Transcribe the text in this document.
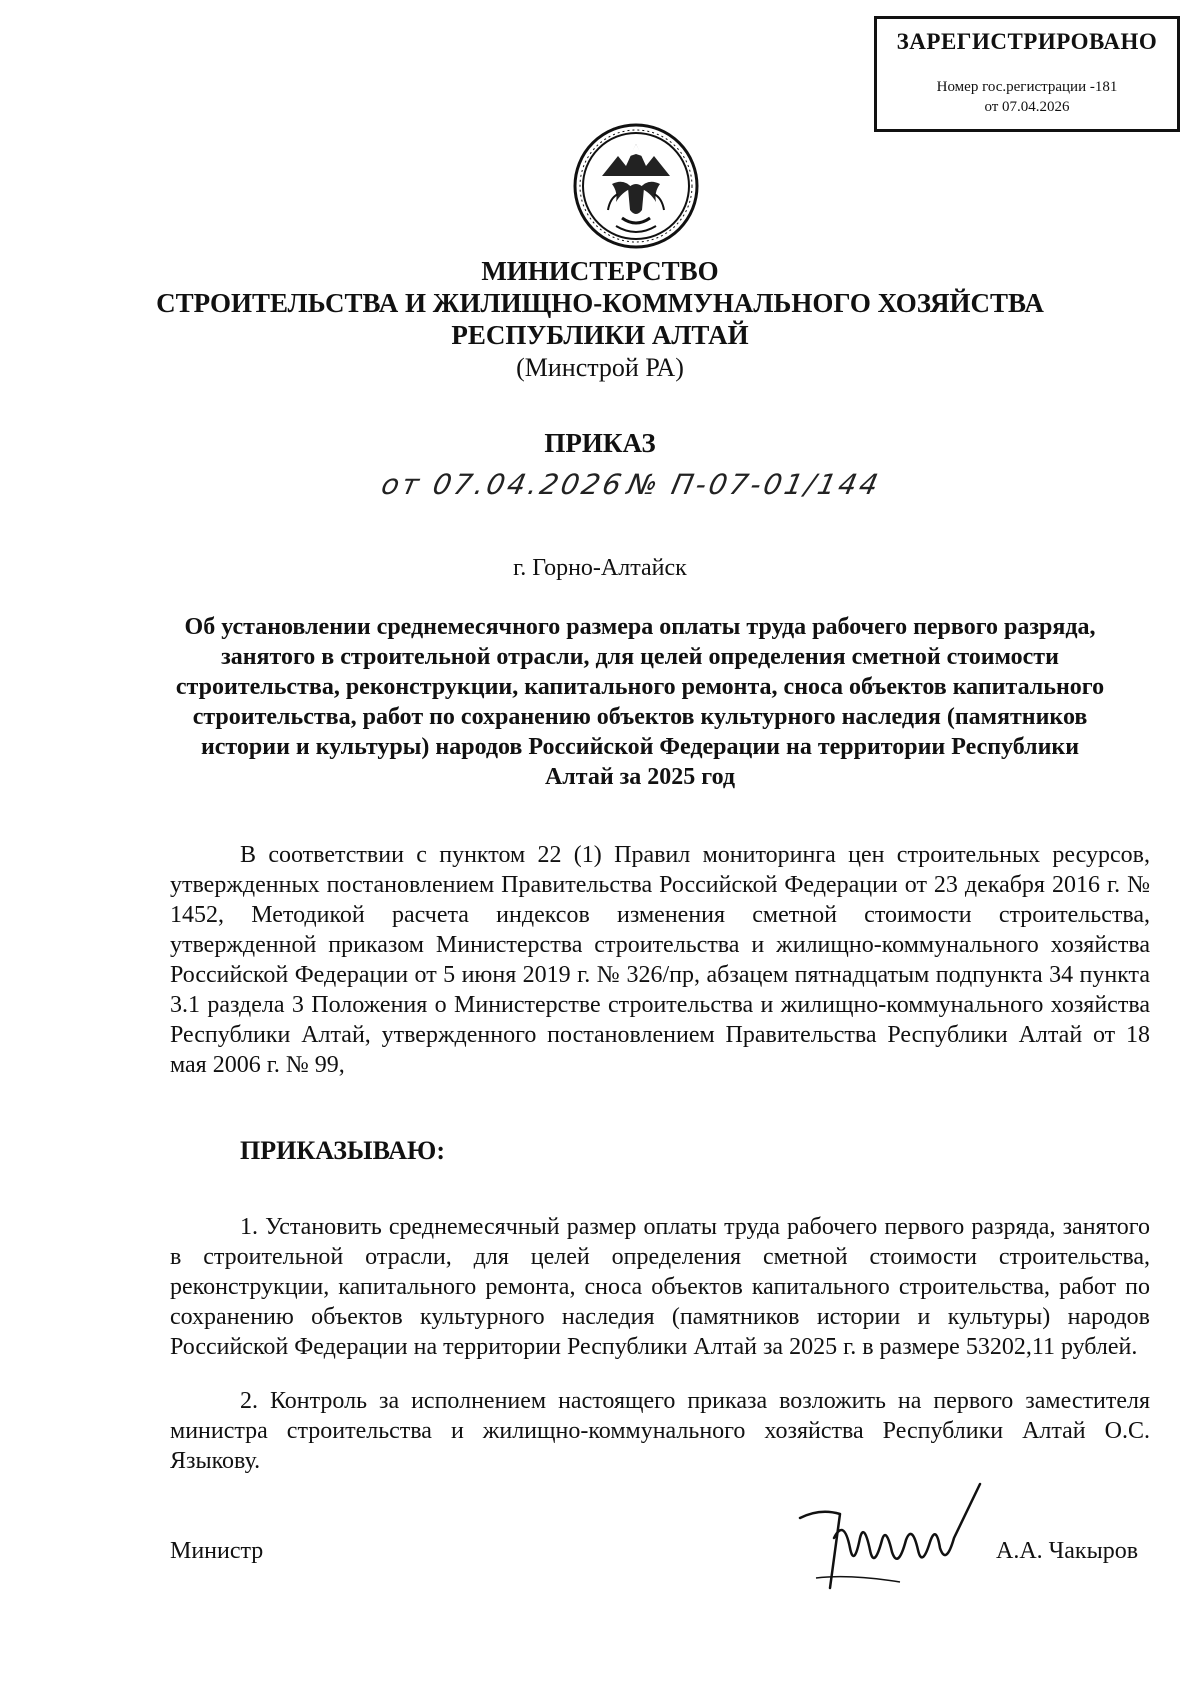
ЗАРЕГИСТРИРОВАНО
Номер гос.регистрации -181
от 07.04.2026
МИНИСТЕРСТВО
СТРОИТЕЛЬСТВА И ЖИЛИЩНО-КОММУНАЛЬНОГО ХОЗЯЙСТВА
РЕСПУБЛИКИ АЛТАЙ
(Минстрой РА)
ПРИКАЗ
от 07.04.2026
№ П-07-01/144
г. Горно-Алтайск
Об установлении среднемесячного размера оплаты труда рабочего первого разряда,
занятого в строительной отрасли, для целей определения сметной стоимости
строительства, реконструкции, капитального ремонта, сноса объектов капитального
строительства, работ по сохранению объектов культурного наследия (памятников
истории и культуры) народов Российской Федерации на территории Республики
Алтай за 2025 год
В соответствии с пунктом 22 (1) Правил мониторинга цен строительных ресурсов, утвержденных постановлением Правительства Российской Федерации от 23 декабря 2016 г. № 1452, Методикой расчета индексов изменения сметной стоимости строительства, утвержденной приказом Министерства строительства и жилищно-коммунального хозяйства Российской Федерации от 5 июня 2019 г. № 326/пр, абзацем пятнадцатым подпункта 34 пункта 3.1 раздела 3 Положения о Министерстве строительства и жилищно-коммунального хозяйства Республики Алтай, утвержденного постановлением Правительства Республики Алтай от 18 мая 2006 г. № 99,
ПРИКАЗЫВАЮ:
1. Установить среднемесячный размер оплаты труда рабочего первого разряда, занятого в строительной отрасли, для целей определения сметной стоимости строительства, реконструкции, капитального ремонта, сноса объектов капитального строительства, работ по сохранению объектов культурного наследия (памятников истории и культуры) народов Российской Федерации на территории Республики Алтай за 2025 г. в размере 53202,11 рублей.
2. Контроль за исполнением настоящего приказа возложить на первого заместителя министра строительства и жилищно-коммунального хозяйства Республики Алтай О.С. Языкову.
Министр	А.А. Чакыров
